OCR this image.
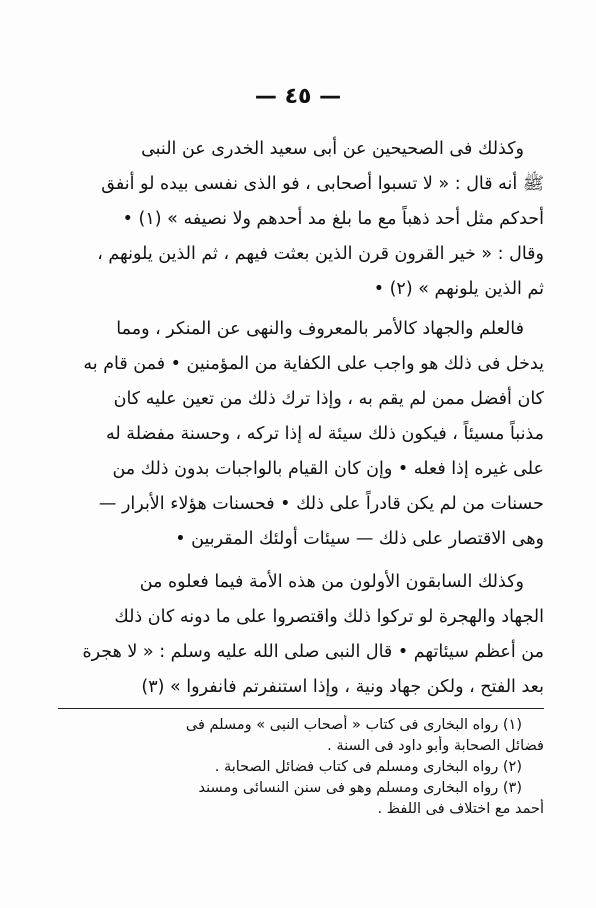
— ٤٥ —
وكذلك فى الصحيحين عن أبى سعيد الخدرى عن النبى
ﷺ أنه قال : « لا تسبوا أصحابى ، فو الذى نفسى بيده لو أنفق
أحدكم مثل أحد ذهباً مع ما بلغ مد أحدهم ولا نصيفه » (١) •
وقال : « خير القرون قرن الذين بعثت فيهم ، ثم الذين يلونهم ،
ثم الذين يلونهم » (٢) •
فالعلم والجهاد كالأمر بالمعروف والنهى عن المنكر ، ومما
يدخل فى ذلك هو واجب على الكفاية من المؤمنين • فمن قام به
كان أفضل ممن لم يقم به ، وإذا ترك ذلك من تعين عليه كان
مذنباً مسيئاً ، فيكون ذلك سيئة له إذا تركه ، وحسنة مفضلة له
على غيره إذا فعله • وإن كان القيام بالواجبات بدون ذلك من
حسنات من لم يكن قادراً على ذلك • فحسنات هؤلاء الأبرار —
وهى الاقتصار على ذلك — سيئات أولئك المقربين •
وكذلك السابقون الأولون من هذه الأمة فيما فعلوه من
الجهاد والهجرة لو تركوا ذلك واقتصروا على ما دونه كان ذلك
من أعظم سيئاتهم • قال النبى صلى الله عليه وسلم : « لا هجرة
بعد الفتح ، ولكن جهاد ونية ، وإذا استنفرتم فانفروا » (٣)
(١) رواه البخارى فى كتاب « أصحاب النبى » ومسلم فى
فضائل الصحابة وأبو داود فى السنة .
(٢) رواه البخارى ومسلم فى كتاب فضائل الصحابة .
(٣) رواه البخارى ومسلم وهو فى سنن النسائى ومسند
أحمد مع اختلاف فى اللفظ .
